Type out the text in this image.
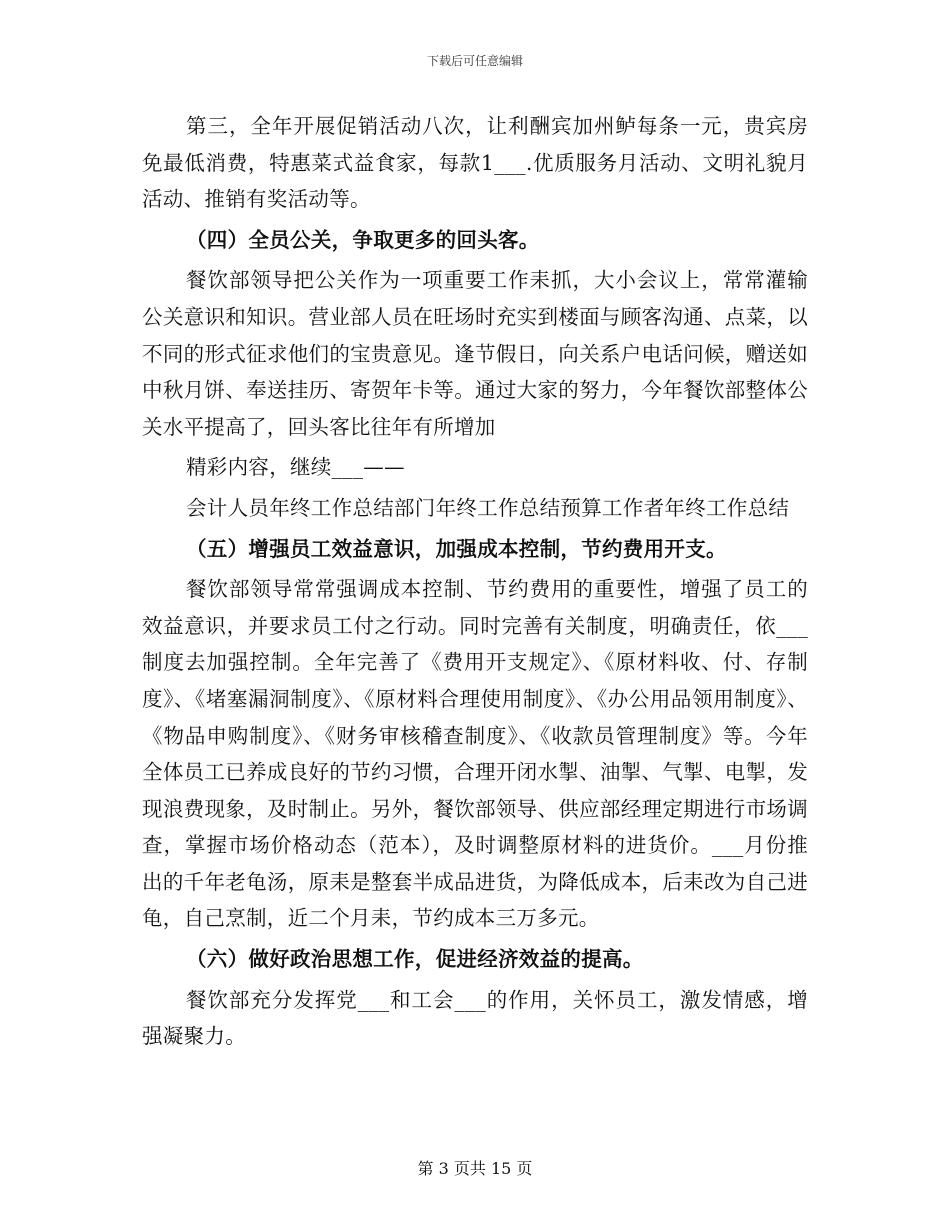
下载后可任意编辑

第三，全年开展促销活动八次，让利酬宾加州鲈每条一元，贵宾房免最低消费，特惠菜式益食家，每款1___.优质服务月活动、文明礼貌月活动、推销有奖活动等。

（四）全员公关，争取更多的回头客。

餐饮部领导把公关作为一项重要工作耒抓，大小会议上，常常灌输公关意识和知识。营业部人员在旺场时充实到楼面与顾客沟通、点菜，以不同的形式征求他们的宝贵意见。逢节假日，向关系户电话问候，赠送如中秋月饼、奉送挂历、寄贺年卡等。通过大家的努力，今年餐饮部整体公关水平提高了，回头客比往年有所增加

精彩内容，继续___——

会计人员年终工作总结部门年终工作总结预算工作者年终工作总结

（五）增强员工效益意识，加强成本控制，节约费用开支。

餐饮部领导常常强调成本控制、节约费用的重要性，增强了员工的效益意识，并要求员工付之行动。同时完善有关制度，明确责任，依___制度去加强控制。全年完善了《费用开支规定》、《原材料收、付、存制度》、《堵塞漏洞制度》、《原材料合理使用制度》、《办公用品领用制度》、《物品申购制度》、《财务审核稽查制度》、《收款员管理制度》等。今年全体员工已养成良好的节约习惯，合理开闭水掣、油掣、气掣、电掣，发现浪费现象，及时制止。另外，餐饮部领导、供应部经理定期进行市场调查，掌握市场价格动态（范本），及时调整原材料的进货价。___月份推出的千年老龟汤，原耒是整套半成品进货，为降低成本，后耒改为自己进龟，自己烹制，近二个月耒，节约成本三万多元。

（六）做好政治思想工作，促进经济效益的提高。

餐饮部充分发挥党___和工会___的作用，关怀员工，激发情感，增强凝聚力。

第 3 页共 15 页
